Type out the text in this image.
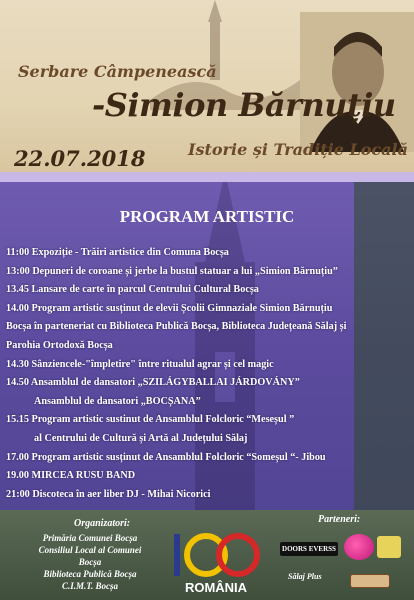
Serbare Câmpenească
-Simion Bărnuțiu
Istorie și Tradiție Locală
22.07.2018
PROGRAM ARTISTIC
11:00 Expoziție - Trăiri artistice din Comuna Bocșa
13:00 Depuneri de coroane și jerbe la bustul statuar a lui „Simion Bărnuțiu”
13.45 Lansare de carte în parcul Centrului Cultural Bocșa
14.00 Program artistic susținut de elevii Școlii Gimnaziale Simion Bărnuțiu
Bocșa în parteneriat cu Biblioteca Publică Bocșa, Biblioteca Județeană Sălaj și
Parohia Ortodoxă Bocșa
14.30 Sânziencele-"împletire" între ritualul agrar și cel magic
14.50 Ansamblul de dansatori „SZILÁGYBALLAI JÁRDOVÁNY”
Ansamblul de dansatori „BOCȘANA”
15.15 Program artistic sustinut de Ansamblul Folcloric “Meseșul ”
al Centrului de Cultură și Artă al Județului Sălaj
17.00 Program artistic susținut de Ansamblul Folcloric “Someșul “- Jibou
19.00 MIRCEA RUSU BAND
21:00 Discoteca în aer liber DJ - Mihai Nicorici
Organizatori:
Primăria Comunei Bocșa
Consiliul Local al Comunei Bocșa
Biblioteca Publică Bocșa
C.I.M.T. Bocșa	ROMÂNIA
Parteneri:
DOORS EVERSS
Sălaj Plus
